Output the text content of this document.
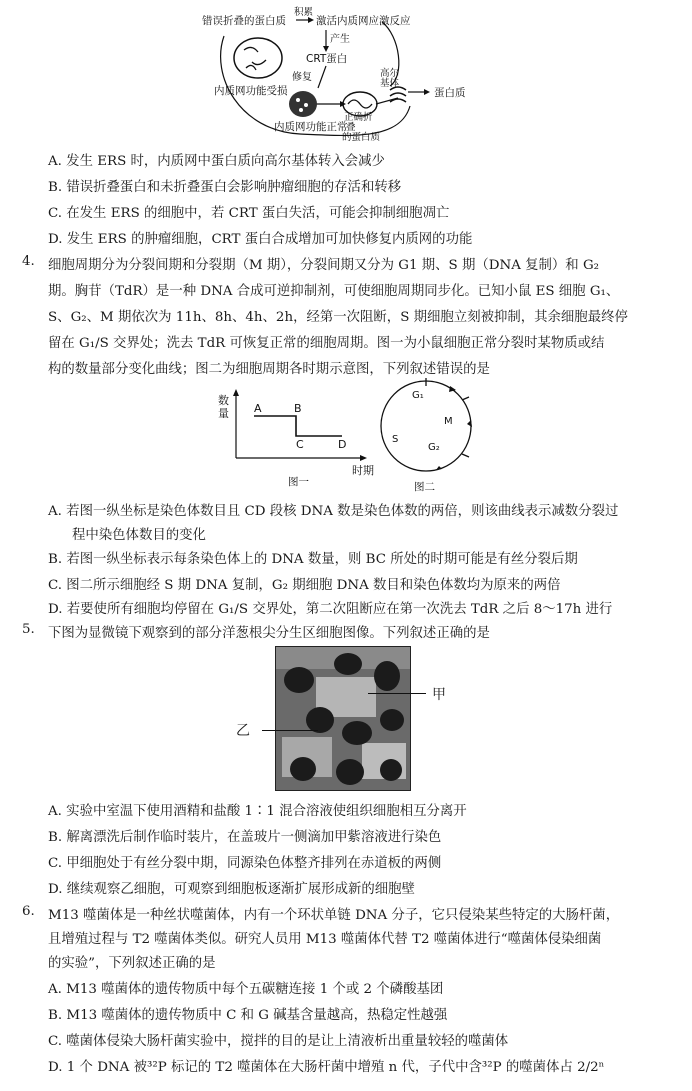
错误折叠的蛋白质
积累
激活内质网应激反应
产生
CRT蛋白
修复
内质网功能受损
内质网功能正常
高尔
基体
正确折
叠
的蛋白质
蛋白质
A. 发生 ERS 时，内质网中蛋白质向高尔基体转入会减少
B. 错误折叠蛋白和未折叠蛋白会影响肿瘤细胞的存活和转移
C. 在发生 ERS 的细胞中，若 CRT 蛋白失活，可能会抑制细胞凋亡
D. 发生 ERS 的肿瘤细胞，CRT 蛋白合成增加可加快修复内质网的功能
4. 细胞周期分为分裂间期和分裂期（M 期），分裂间期又分为 G1 期、S 期（DNA 复制）和 G₂
期。胸苷（TdR）是一种 DNA 合成可逆抑制剂，可使细胞周期同步化。已知小鼠 ES 细胞 G₁、
S、G₂、M 期依次为 11h、8h、4h、2h，经第一次阻断，S 期细胞立刻被抑制，其余细胞最终停
留在 G₁/S 交界处；洗去 TdR 可恢复正常的细胞周期。图一为小鼠细胞正常分裂时某物质或结
构的数量部分变化曲线；图二为细胞周期各时期示意图，下列叙述错误的是
数
量 A	B
C	D
时期
图一
G₁
M
S
G₂
图二
A. 若图一纵坐标是染色体数目且 CD 段核 DNA 数是染色体数的两倍，则该曲线表示减数分裂过
程中染色体数目的变化
B. 若图一纵坐标表示每条染色体上的 DNA 数量，则 BC 所处的时期可能是有丝分裂后期
C. 图二所示细胞经 S 期 DNA 复制，G₂ 期细胞 DNA 数目和染色体数均为原来的两倍
D. 若要使所有细胞均停留在 G₁/S 交界处，第二次阻断应在第一次洗去 TdR 之后 8～17h 进行
5. 下图为显微镜下观察到的部分洋葱根尖分生区细胞图像。下列叙述正确的是
甲
乙
A. 实验中室温下使用酒精和盐酸 1∶1 混合溶液使组织细胞相互分离开
B. 解离漂洗后制作临时装片，在盖玻片一侧滴加甲紫溶液进行染色
C. 甲细胞处于有丝分裂中期，同源染色体整齐排列在赤道板的两侧
D. 继续观察乙细胞，可观察到细胞板逐渐扩展形成新的细胞壁
6. M13 噬菌体是一种丝状噬菌体，内有一个环状单链 DNA 分子，它只侵染某些特定的大肠杆菌，
且增殖过程与 T2 噬菌体类似。研究人员用 M13 噬菌体代替 T2 噬菌体进行“噬菌体侵染细菌
的实验”，下列叙述正确的是
A. M13 噬菌体的遗传物质中每个五碳糖连接 1 个或 2 个磷酸基团
B. M13 噬菌体的遗传物质中 C 和 G 碱基含量越高，热稳定性越强
C. 噬菌体侵染大肠杆菌实验中，搅拌的目的是让上清液析出重量较轻的噬菌体
D. 1 个 DNA 被³²P 标记的 T2 噬菌体在大肠杆菌中增殖 n 代，子代中含³²P 的噬菌体占 2/2ⁿ
